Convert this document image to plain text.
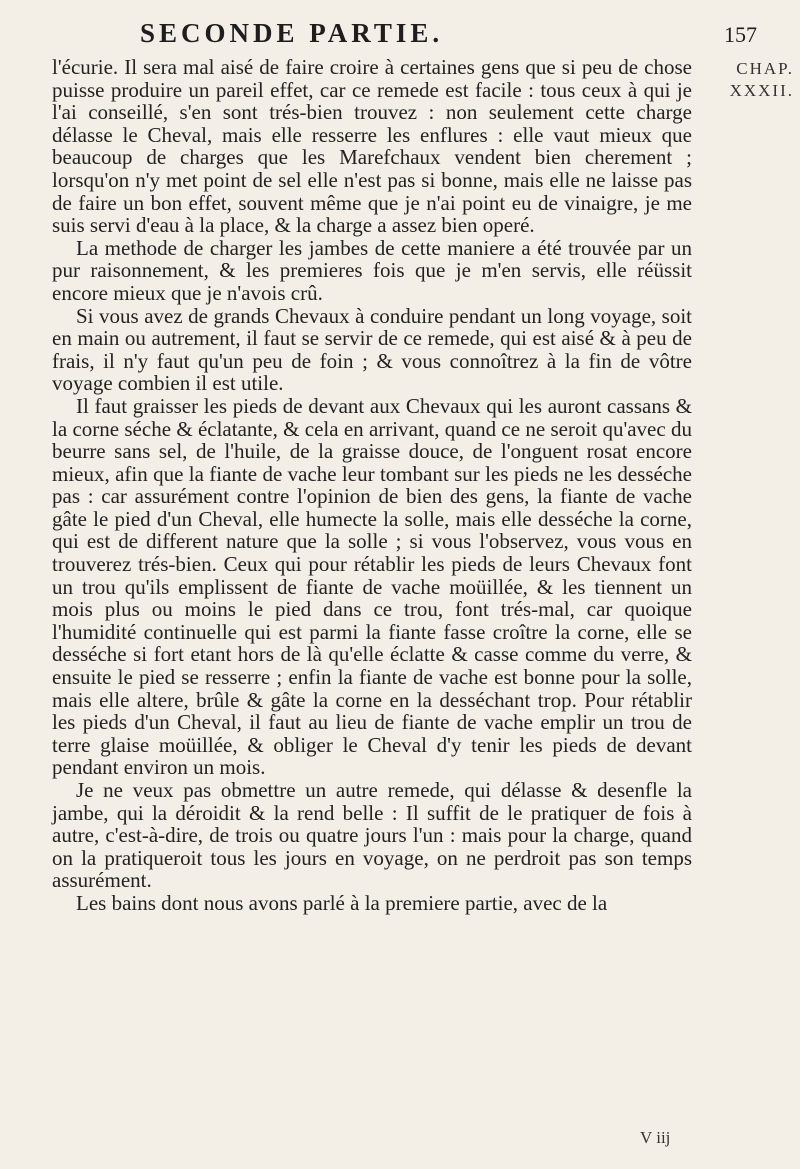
SECONDE PARTIE.	157
CHAP.
XXXII.

l'écurie. Il sera mal aisé de faire croire à certaines gens que si peu de chose puisse produire un pareil effet, car ce remede est facile : tous ceux à qui je l'ai conseillé, s'en sont trés-bien trouvez : non seulement cette charge délasse le Cheval, mais elle resserre les enflures : elle vaut mieux que beaucoup de charges que les Marefchaux vendent bien cherement ; lorsqu'on n'y met point de sel elle n'est pas si bonne, mais elle ne laisse pas de faire un bon effet, souvent même que je n'ai point eu de vinaigre, je me suis servi d'eau à la place, & la charge a assez bien operé.

La methode de charger les jambes de cette maniere a été trouvée par un pur raisonnement, & les premieres fois que je m'en servis, elle réüssit encore mieux que je n'avois crû.

Si vous avez de grands Chevaux à conduire pendant un long voyage, soit en main ou autrement, il faut se servir de ce remede, qui est aisé & à peu de frais, il n'y faut qu'un peu de foin ; & vous connoîtrez à la fin de vôtre voyage combien il est utile.

Il faut graisser les pieds de devant aux Chevaux qui les auront cassans & la corne séche & éclatante, & cela en arrivant, quand ce ne seroit qu'avec du beurre sans sel, de l'huile, de la graisse douce, de l'onguent rosat encore mieux, afin que la fiante de vache leur tombant sur les pieds ne les desséche pas : car assurément contre l'opinion de bien des gens, la fiante de vache gâte le pied d'un Cheval, elle humecte la solle, mais elle desséche la corne, qui est de different nature que la solle ; si vous l'observez, vous vous en trouverez trés-bien. Ceux qui pour rétablir les pieds de leurs Chevaux font un trou qu'ils emplissent de fiante de vache moüillée, & les tiennent un mois plus ou moins le pied dans ce trou, font trés-mal, car quoique l'humidité continuelle qui est parmi la fiante fasse croître la corne, elle se desséche si fort etant hors de là qu'elle éclatte & casse comme du verre, & ensuite le pied se resserre ; enfin la fiante de vache est bonne pour la solle, mais elle altere, brûle & gâte la corne en la desséchant trop. Pour rétablir les pieds d'un Cheval, il faut au lieu de fiante de vache emplir un trou de terre glaise moüillée, & obliger le Cheval d'y tenir les pieds de devant pendant environ un mois.

Je ne veux pas obmettre un autre remede, qui délasse & desenfle la jambe, qui la déroidit & la rend belle : Il suffit de le pratiquer de fois à autre, c'est-à-dire, de trois ou quatre jours l'un : mais pour la charge, quand on la pratiqueroit tous les jours en voyage, on ne perdroit pas son temps assurément.

Les bains dont nous avons parlé à la premiere partie, avec de la

V iij
